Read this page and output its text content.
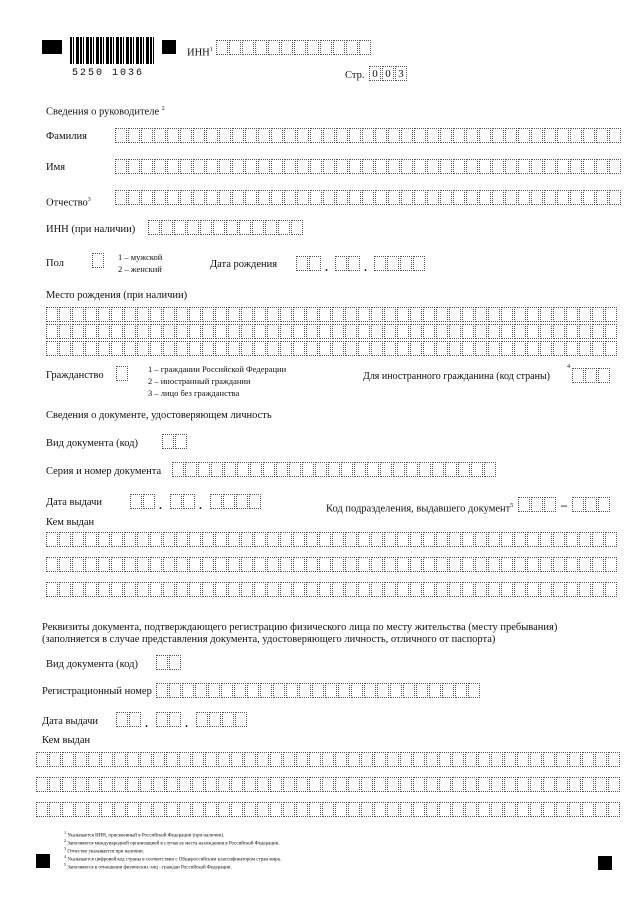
5250 1036
ИНН$^1$
Стр. 0 0 3
Сведения о руководителе $^2$
Фамилия
Имя
Отчество$^3$
ИНН (при наличии)
Пол
1 – мужской
2 – женский	Дата рождения	.	.
Место рождения (при наличии)
Гражданство
1 – граждании Российской Федерации
2 – иностранный граждании
3 – лицо без гражданства
Для иностранного гражданина (код страны)
4
Сведения о документе, удостоверяющем личность
Вид документа (код)
Серия и номер документа
Дата выдачи	.	.	Код подразделения, выдавшего документ$^5$	–
Кем выдан
Реквизиты документа, подтверждающего регистрацию физического лица по месту жительства (месту пребывания)
(заполняется в случае представления документа, удостоверяющего личность, отличного от паспорта)
Вид документа (код)
Регистрационный номер
Дата выдачи	.	.
Кем выдан
$^1$ Указывается ИНН, присвоенный в Российской Федерации (при наличии).
$^2$ Заполняется международной организацией в случае ее места нахождения в Российской Федерации.
$^3$ Отчество указывается при наличии.
$^4$ Указывается цифровой код страны в соответствии с Общероссийским классификатором стран мира.
$^5$ Заполняется в отношении физических лиц - граждан Российской Федерации.
